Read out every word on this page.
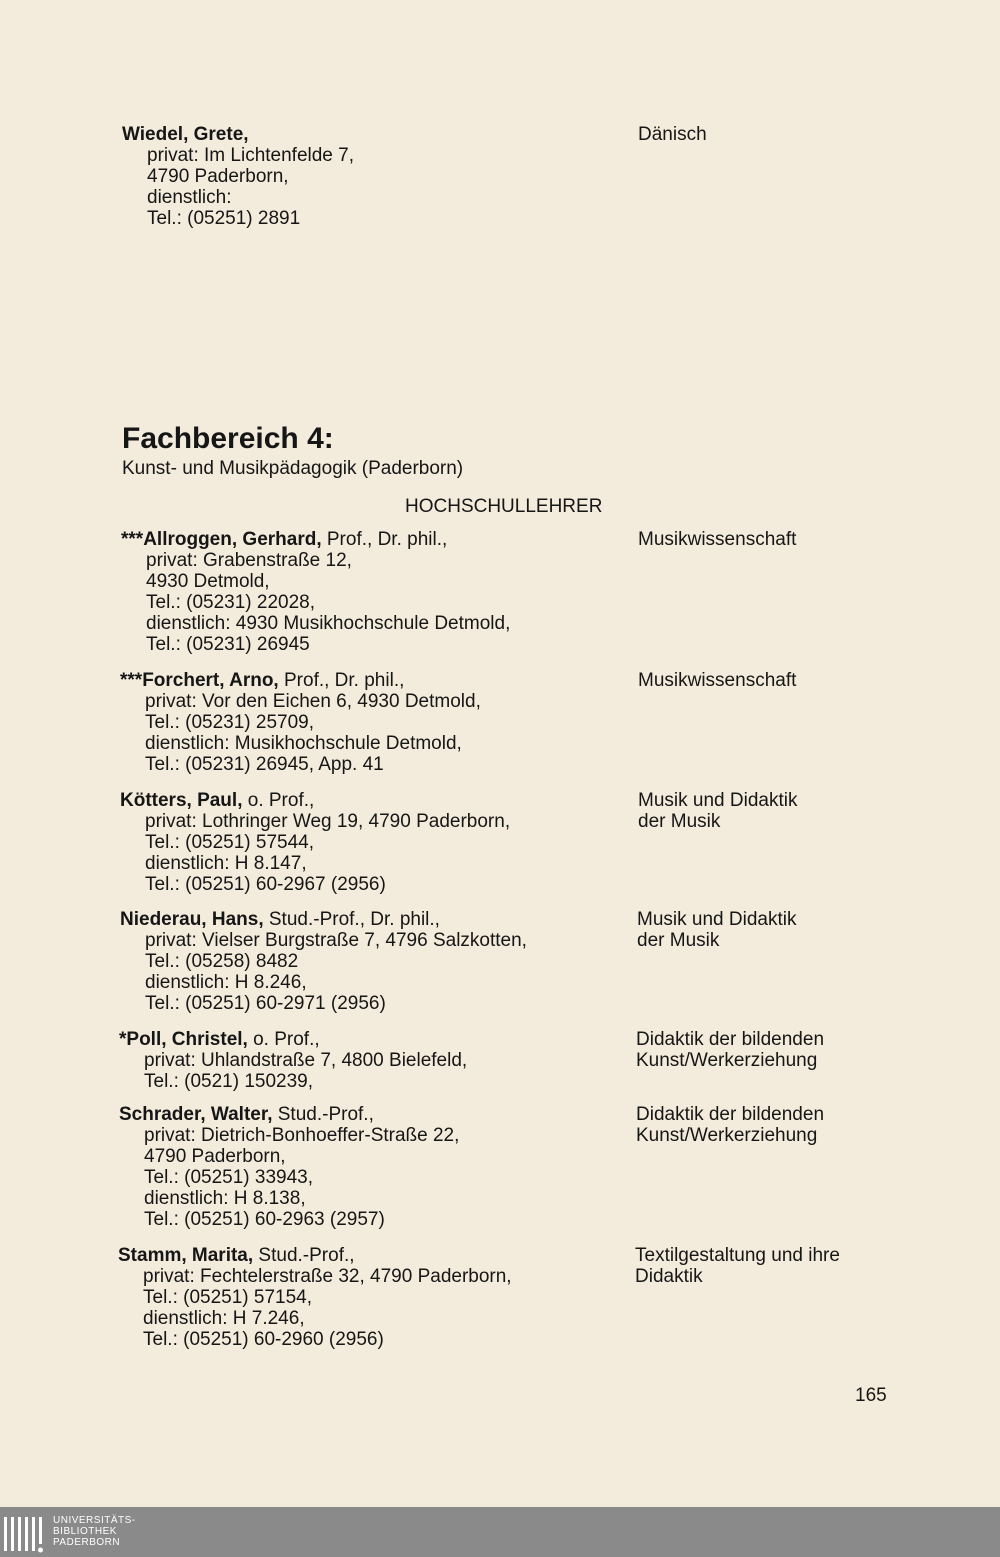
Wiedel, Grete,
privat: Im Lichtenfelde 7,
4790 Paderborn,
dienstlich:
Tel.: (05251) 2891
Dänisch
Fachbereich 4:
Kunst- und Musikpädagogik (Paderborn)
HOCHSCHULLEHRER
***Allroggen, Gerhard, Prof., Dr. phil.,
privat: Grabenstraße 12,
4930 Detmold,
Tel.: (05231) 22028,
dienstlich: 4930 Musikhochschule Detmold,
Tel.: (05231) 26945
Musikwissenschaft
***Forchert, Arno, Prof., Dr. phil.,
privat: Vor den Eichen 6, 4930 Detmold,
Tel.: (05231) 25709,
dienstlich: Musikhochschule Detmold,
Tel.: (05231) 26945, App. 41
Musikwissenschaft
Kötters, Paul, o. Prof.,
privat: Lothringer Weg 19, 4790 Paderborn,
Tel.: (05251) 57544,
dienstlich: H 8.147,
Tel.: (05251) 60-2967 (2956)
Musik und Didaktik
der Musik
Niederau, Hans, Stud.-Prof., Dr. phil.,
privat: Vielser Burgstraße 7, 4796 Salzkotten,
Tel.: (05258) 8482
dienstlich: H 8.246,
Tel.: (05251) 60-2971 (2956)
Musik und Didaktik
der Musik
*Poll, Christel, o. Prof.,
privat: Uhlandstraße 7, 4800 Bielefeld,
Tel.: (0521) 150239,
Didaktik der bildenden
Kunst/Werkerziehung
Schrader, Walter, Stud.-Prof.,
privat: Dietrich-Bonhoeffer-Straße 22,
4790 Paderborn,
Tel.: (05251) 33943,
dienstlich: H 8.138,
Tel.: (05251) 60-2963 (2957)
Didaktik der bildenden
Kunst/Werkerziehung
Stamm, Marita, Stud.-Prof.,
privat: Fechtelerstraße 32, 4790 Paderborn,
Tel.: (05251) 57154,
dienstlich: H 7.246,
Tel.: (05251) 60-2960 (2956)
Textilgestaltung und ihre
Didaktik
165
UNIVERSITÄTS-
BIBLIOTHEK
PADERBORN
